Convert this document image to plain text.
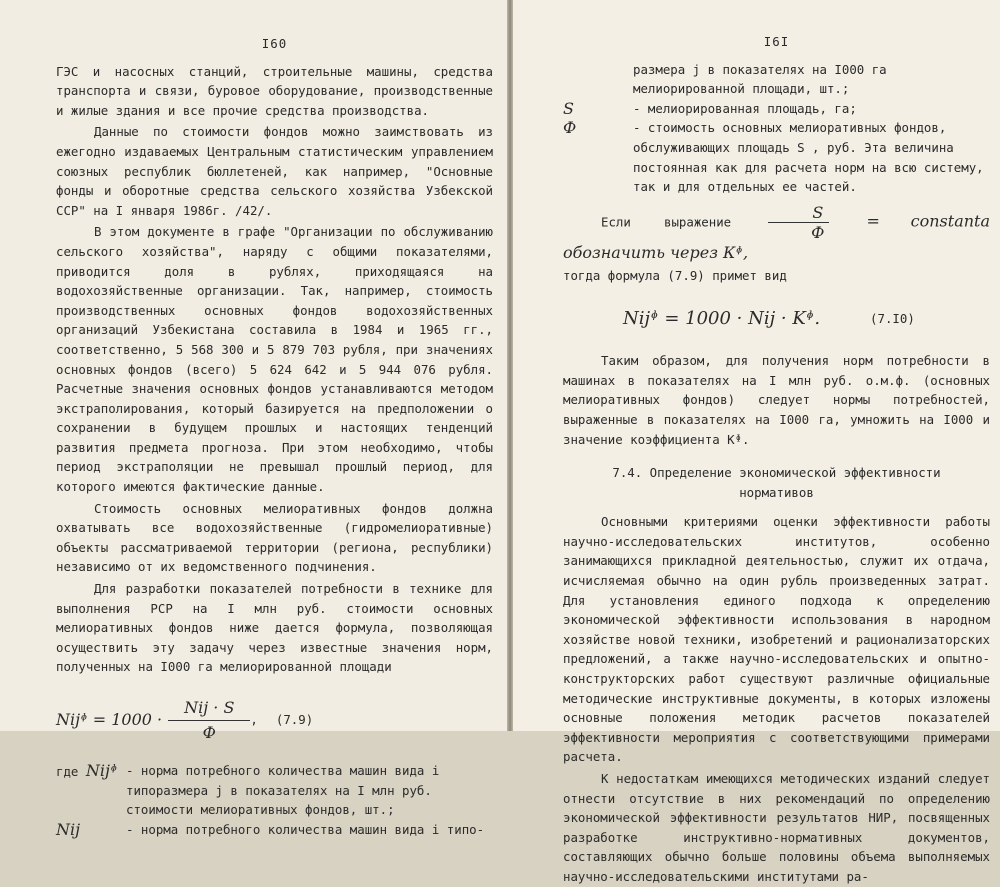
I60

ГЭС и насосных станций, строительные машины, средства транспорта и связи, буровое оборудование, производственные и жилые здания и все прочие средства производства.

Данные по стоимости фондов можно заимствовать из ежегодно издаваемых Центральным статистическим управлением союзных республик бюллетеней, как например, "Основные фонды и оборотные средства сельского хозяйства Узбекской ССР" на I января 1986г. /42/.

В этом документе в графе "Организации по обслуживанию сельского хозяйства", наряду с общими показателями, приводится доля в рублях, приходящаяся на водохозяйственные организации. Так, например, стоимость производственных основных фондов водохозяйственных организаций Узбекистана составила в 1984 и 1965 гг., соответственно, 5 568 300 и 5 879 703 рубля, при значениях основных фондов (всего) 5 624 642 и 5 944 076 рубля. Расчетные значения основных фондов устанавливаются методом экстраполирования, который базируется на предположении о сохранении в будущем прошлых и настоящих тенденций развития предмета прогноза. При этом необходимо, чтобы период экстраполяции не превышал прошлый период, для которого имеются фактические данные.

Стоимость основных мелиоративных фондов должна охватывать все водохозяйственные (гидромелиоративные) объекты рассматриваемой территории (региона, республики) независимо от их ведомственного подчинения.

Для разработки показателей потребности в технике для выполнения РСР на I млн руб. стоимости основных мелиоративных фондов ниже дается формула, позволяющая осуществить эту задачу через известные значения норм, полученных на I000 га мелиорированной площади

Nijᶲ = $1000 \cdot \frac{\text{Nij · S}}{Ф}$ , (7.9)
где Nijᶲ - норма потребного количества машин вида i типоразмера j в показателях на I млн руб. стоимости мелиоративных фондов, шт.;
Nij	- норма потребного количества машин вида i типо-
I6I
размера j в показателях на I000 га мелиорированной площади, шт.;
S	- мелиорированная площадь, га;
Ф	- стоимость основных мелиоративных фондов, обслуживающих площадь S , руб. Эта величина постоянная как для расчета норм на всю систему, так и для отдельных ее частей.

Если выражение $\frac{S}{Ф}$ = constanta обозначить через Кᶲ,

тогда формула (7.9) примет вид

Nijᶲ = 1000 · Nij · Kᶲ.	(7.I0)

Таким образом, для получения норм потребности в машинах в показателях на I млн руб. о.м.ф. (основных мелиоративных фондов) следует нормы потребностей, выраженные в показателях на I000 га, умножить на I000 и значение коэффициента Кᶲ.

7.4. Определение экономической эффективности
нормативов

Основными критериями оценки эффективности работы научно-исследовательских институтов, особенно занимающихся прикладной деятельностью, служит их отдача, исчисляемая обычно на один рубль произведенных затрат. Для установления единого подхода к определению экономической эффективности использования в народном хозяйстве новой техники, изобретений и рационализаторских предложений, а также научно-исследовательских и опытно-конструкторских работ существуют различные официальные методические инструктивные документы, в которых изложены основные положения методик расчетов показателей эффективности мероприятия с соответствующими примерами расчета.

К недостаткам имеющихся методических изданий следует отнести отсутствие в них рекомендаций по определению экономической эффективности результатов НИР, посвященных разработке инструктивно-нормативных документов, составляющих обычно больше половины объема выполняемых научно-исследовательскими институтами ра-
